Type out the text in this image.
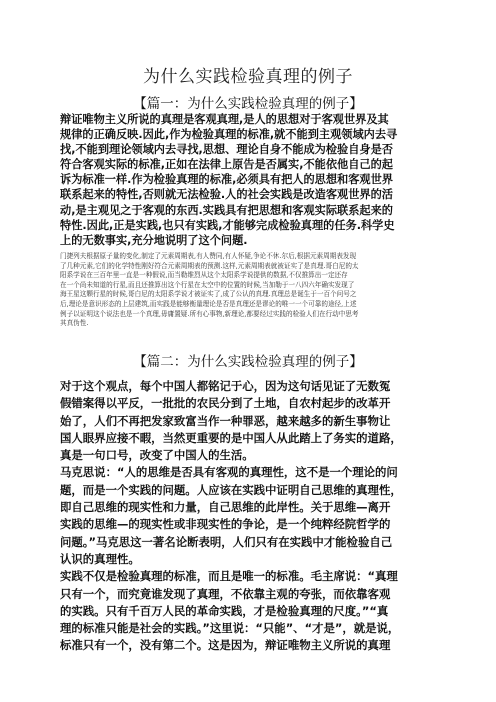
为什么实践检验真理的例子
【篇一：为什么实践检验真理的例子】
辩证唯物主义所说的真理是客观真理,是人的思想对于客观世界及其
规律的正确反映.因此,作为检验真理的标准,就不能到主观领域内去寻
找,不能到理论领域内去寻找,思想、理论自身不能成为检验自身是否
符合客观实际的标准,正如在法律上原告是否属实,不能依他自己的起
诉为标准一样.作为检验真理的标准,必须具有把人的思想和客观世界
联系起来的特性,否则就无法检验.人的社会实践是改造客观世界的活
动,是主观见之于客观的东西.实践具有把思想和客观实际联系起来的
特性.因此,正是实践,也只有实践,才能够完成检验真理的任务.科学史
上的无数事实,充分地说明了这个问题.
门捷列夫根据原子量的变化,制定了元素周期表,有人赞同,有人怀疑,争论不休.尔后,根据元素周期表发现
了几种元素,它们的化学特性刚好符合元素周期表的预测.这样,元素周期表就被证实了是真理.哥白尼的太
阳系学说在三百年里一直是一种假说,而当勒维烈从这个太阳系学说提供的数据,不仅推算出一定还存
在一个尚未知道的行星,而且还推算出这个行星在太空中的位置的时候,当加勒于一八四六年确实发现了
海王星这颗行星的时候,哥白尼的太阳系学说才被证实了,成了公认的真理.真理总是诞生于一百个问号之
后,理论是意识形态的上层建筑,而实践是能够衡量理论是否是真理还是谬论的唯一一个可靠的途径,上述
例子以证明这个说法也是一个真理,毋庸置疑.所有心事物,新理论,都要经过实践的检验人们在行动中思考
其真伪性.
【篇二：为什么实践检验真理的例子】
对于这个观点，每个中国人都铭记于心，因为这句话见证了无数冤
假错案得以平反，一批批的农民分到了土地，自农村起步的改革开
始了，人们不再把发家致富当作一种罪恶，越来越多的新生事物让
国人眼界应接不暇，当然更重要的是中国人从此踏上了务实的道路，
真是一句口号，改变了中国人的生活。
马克思说：“人的思维是否具有客观的真理性，这不是一个理论的问
题，而是一个实践的问题。人应该在实践中证明自己思维的真理性，
即自己思维的现实性和力量，自己思维的此岸性。关于思维—离开
实践的思维—的现实性或非现实性的争论，是一个纯粹经院哲学的
问题。”马克思这一著名论断表明，人们只有在实践中才能检验自己
认识的真理性。
实践不仅是检验真理的标准，而且是唯一的标准。毛主席说：“真理
只有一个，而究竟谁发现了真理，不依靠主观的夸张，而依靠客观
的实践。只有千百万人民的革命实践，才是检验真理的尺度。”“真
理的标准只能是社会的实践。”这里说：“只能”、“才是”，就是说，
标准只有一个，没有第二个。这是因为，辩证唯物主义所说的真理
